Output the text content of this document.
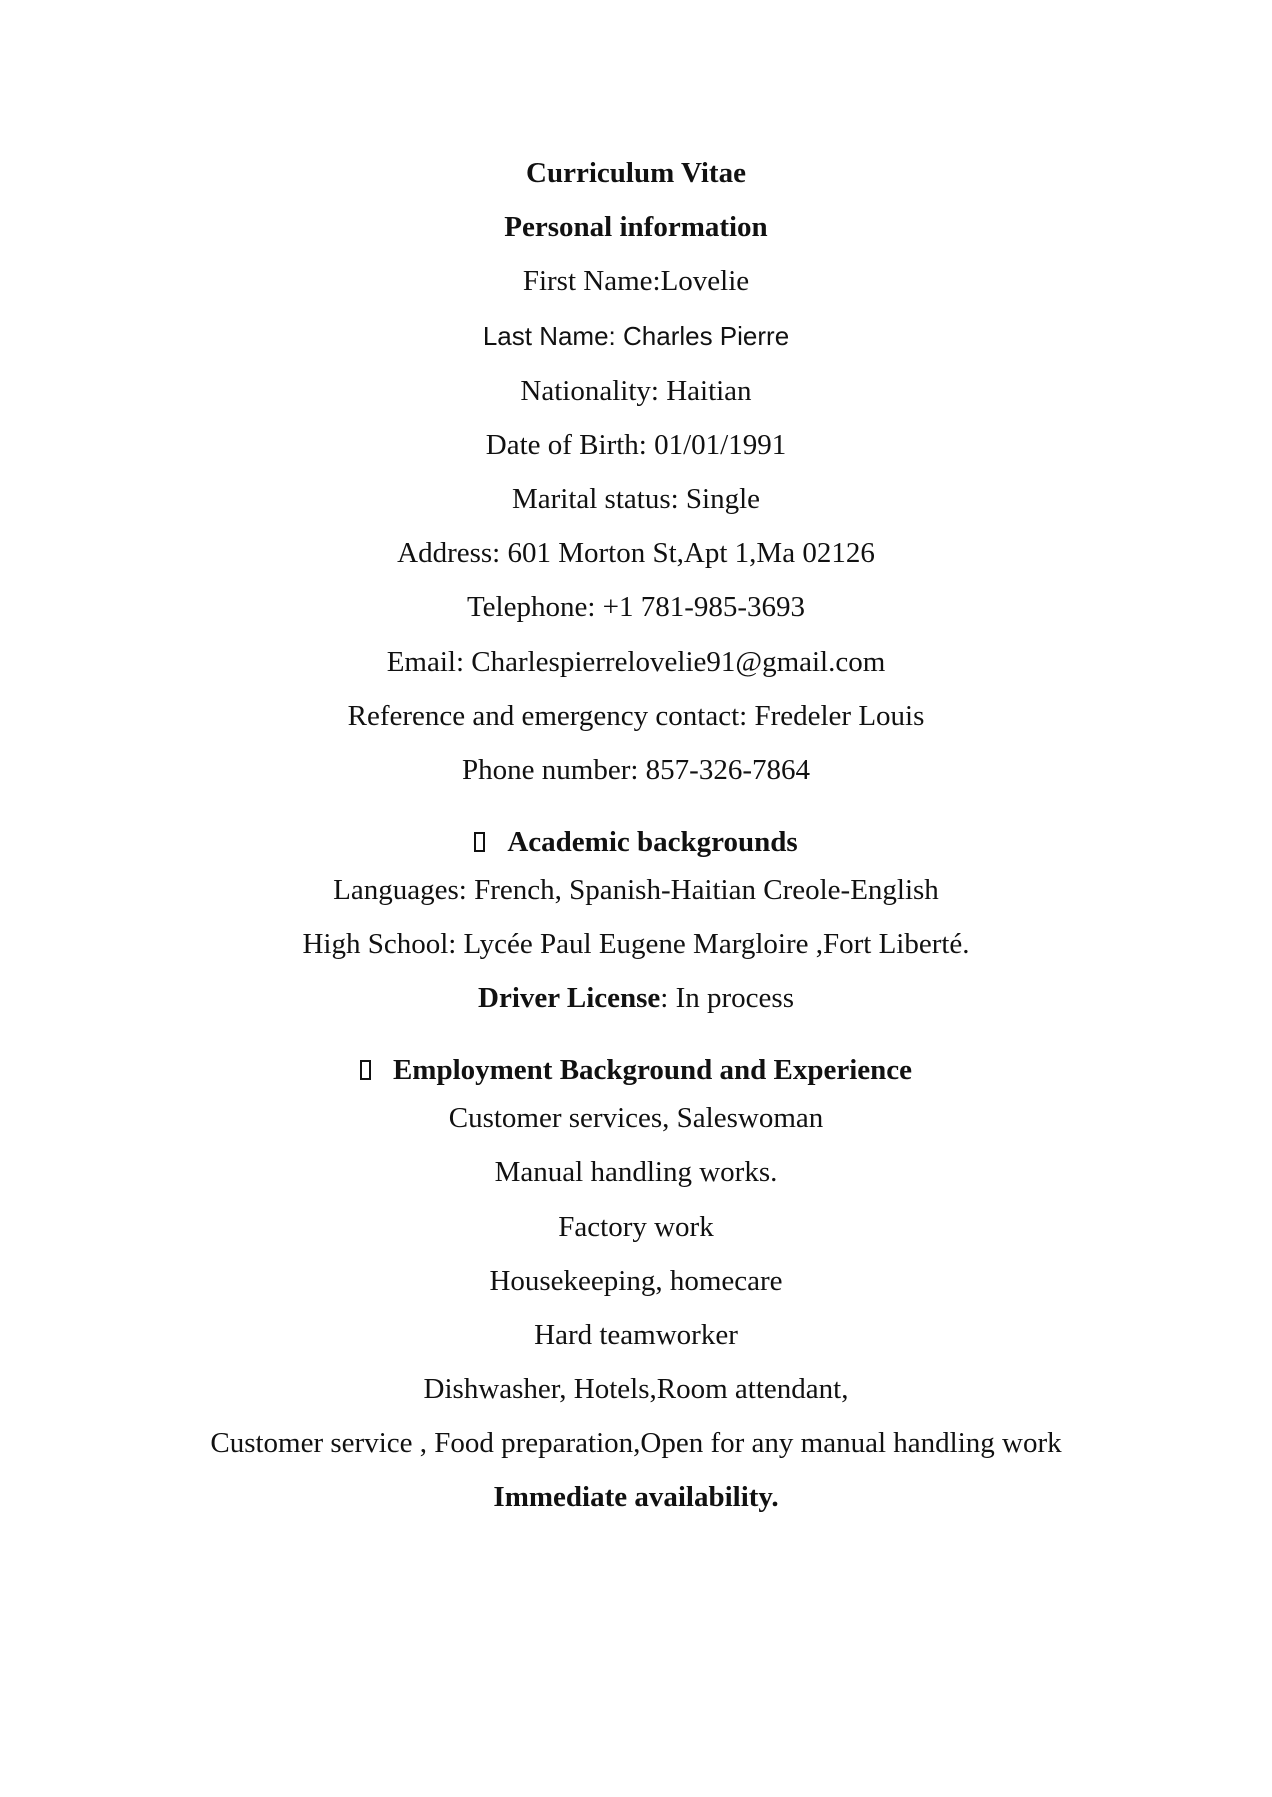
Curriculum Vitae
Personal information
First Name:Lovelie
Last Name: Charles Pierre
Nationality: Haitian
Date of Birth: 01/01/1991
Marital status: Single
Address: 601 Morton St,Apt 1,Ma 02126
Telephone: +1 781-985-3693
Email: Charlespierrelovelie91@gmail.com
Reference and emergency contact: Fredeler Louis
Phone number: 857-326-7864
Academic backgrounds
Languages: French, Spanish-Haitian Creole-English
High School: Lycée Paul Eugene Margloire ,Fort Liberté.
Driver License: In process
Employment Background and Experience
Customer services, Saleswoman
Manual handling works.
Factory work
Housekeeping, homecare
Hard teamworker
Dishwasher, Hotels,Room attendant,
Customer service , Food preparation,Open for any manual handling work
Immediate availability.
